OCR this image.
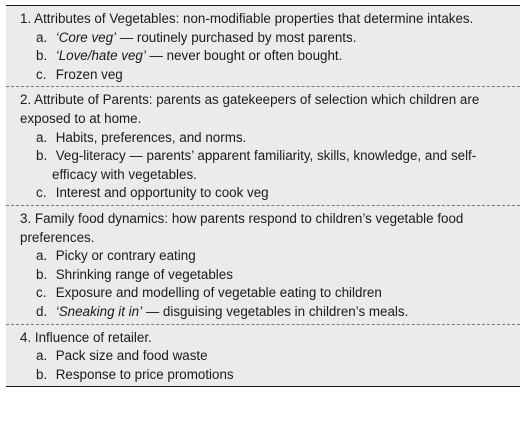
1. Attributes of Vegetables: non-modifiable properties that determine intakes.

a. ‘Core veg’ — routinely purchased by most parents.
b. ‘Love/hate veg’ — never bought or often bought.
c. Frozen veg

2. Attribute of Parents: parents as gatekeepers of selection which children are exposed to at home.

a. Habits, preferences, and norms.
b. Veg-literacy — parents’ apparent familiarity, skills, knowledge, and self-efficacy with vegetables.
c. Interest and opportunity to cook veg

3. Family food dynamics: how parents respond to children’s vegetable food preferences.

a. Picky or contrary eating
b. Shrinking range of vegetables
c. Exposure and modelling of vegetable eating to children
d. ‘Sneaking it in’ — disguising vegetables in children’s meals.

4. Influence of retailer.

a. Pack size and food waste
b. Response to price promotions
